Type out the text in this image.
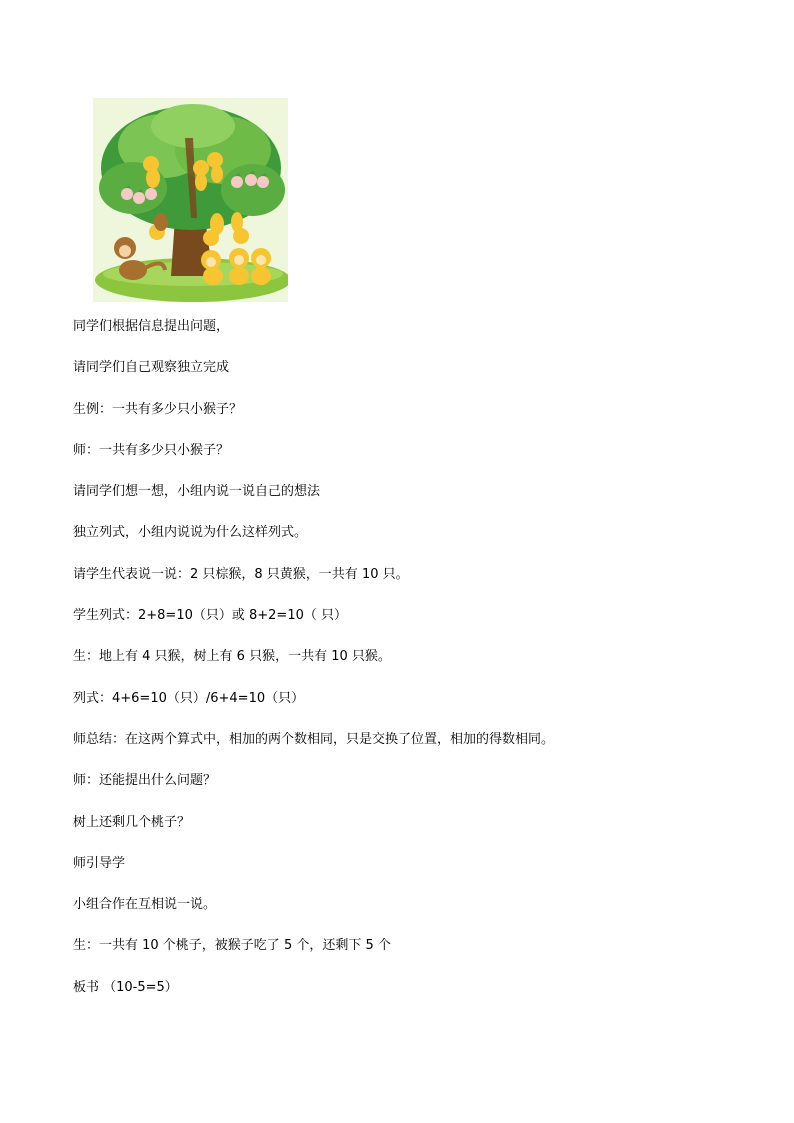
同学们根据信息提出问题，
请同学们自己观察独立完成
生例：一共有多少只小猴子？
师：一共有多少只小猴子？
请同学们想一想，小组内说一说自己的想法
独立列式，小组内说说为什么这样列式。
请学生代表说一说：2 只棕猴，8 只黄猴，一共有 10 只。
学生列式：2+8=10（只）或 8+2=10（ 只）
生：地上有 4 只猴，树上有 6 只猴，一共有 10 只猴。
列式：4+6=10（只）/6+4=10（只）
师总结：在这两个算式中，相加的两个数相同，只是交换了位置，相加的得数相同。
师：还能提出什么问题？
树上还剩几个桃子？
师引导学
小组合作在互相说一说。
生：一共有 10 个桃子，被猴子吃了 5 个，还剩下 5 个
板书 （10-5=5）
